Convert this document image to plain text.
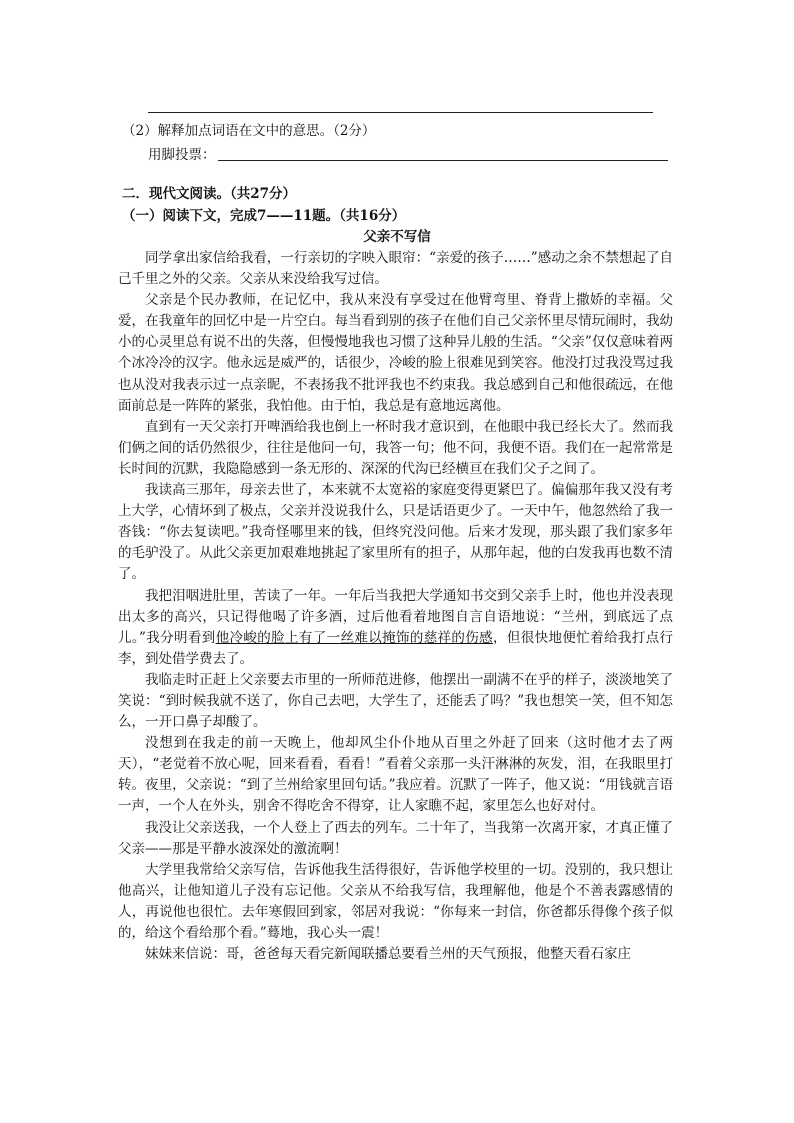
（2）解释加点词语在文中的意思。（2分）
用脚投票：
二．现代文阅读。（共27分）
（一）阅读下文，完成7——11题。（共16分）
父亲不写信

同学拿出家信给我看，一行亲切的字映入眼帘：“亲爱的孩子……”感动之余不禁想起了自己千里之外的父亲。父亲从来没给我写过信。

父亲是个民办教师，在记忆中，我从来没有享受过在他臂弯里、脊背上撒娇的幸福。父爱，在我童年的回忆中是一片空白。每当看到别的孩子在他们自己父亲怀里尽情玩闹时，我幼小的心灵里总有说不出的失落，但慢慢地我也习惯了这种异儿般的生活。“父亲”仅仅意味着两个冰冷冷的汉字。他永远是威严的，话很少，冷峻的脸上很难见到笑容。他没打过我没骂过我也从没对我表示过一点亲昵，不表扬我不批评我也不约束我。我总感到自己和他很疏远，在他面前总是一阵阵的紧张，我怕他。由于怕，我总是有意地远离他。

直到有一天父亲打开啤酒给我也倒上一杯时我才意识到，在他眼中我已经长大了。然而我们俩之间的话仍然很少，往往是他问一句，我答一句；他不问，我便不语。我们在一起常常是长时间的沉默，我隐隐感到一条无形的、深深的代沟已经横亘在我们父子之间了。

我读高三那年，母亲去世了，本来就不太宽裕的家庭变得更紧巴了。偏偏那年我又没有考上大学，心情坏到了极点，父亲并没说我什么，只是话语更少了。一天中午，他忽然给了我一沓钱：“你去复读吧。”我奇怪哪里来的钱，但终究没问他。后来才发现，那头跟了我们家多年的毛驴没了。从此父亲更加艰难地挑起了家里所有的担子，从那年起，他的白发我再也数不清了。

我把泪咽进肚里，苦读了一年。一年后当我把大学通知书交到父亲手上时，他也并没表现出太多的高兴，只记得他喝了许多酒，过后他看着地图自言自语地说：“兰州，到底远了点儿。”我分明看到他冷峻的脸上有了一丝难以掩饰的慈祥的伤感，但很快地便忙着给我打点行李，到处借学费去了。

我临走时正赶上父亲要去市里的一所师范进修，他摆出一副满不在乎的样子，淡淡地笑了笑说：“到时候我就不送了，你自己去吧，大学生了，还能丢了吗？”我也想笑一笑，但不知怎么，一开口鼻子却酸了。

没想到在我走的前一天晚上，他却风尘仆仆地从百里之外赶了回来（这时他才去了两天），“老觉着不放心呢，回来看看，看看！”看着父亲那一头汗淋淋的灰发，泪，在我眼里打转。夜里，父亲说：“到了兰州给家里回句话。”我应着。沉默了一阵子，他又说：“用钱就言语一声，一个人在外头，别舍不得吃舍不得穿，让人家瞧不起，家里怎么也好对付。

我没让父亲送我，一个人登上了西去的列车。二十年了，当我第一次离开家，才真正懂了父亲——那是平静水波深处的激流啊！

大学里我常给父亲写信，告诉他我生活得很好，告诉他学校里的一切。没别的，我只想让他高兴，让他知道儿子没有忘记他。父亲从不给我写信，我理解他，他是个不善表露感情的人，再说他也很忙。去年寒假回到家，邻居对我说：“你每来一封信，你爸都乐得像个孩子似的，给这个看给那个看。”蓦地，我心头一震！

妹妹来信说：哥，爸爸每天看完新闻联播总要看兰州的天气预报，他整天看石家庄
